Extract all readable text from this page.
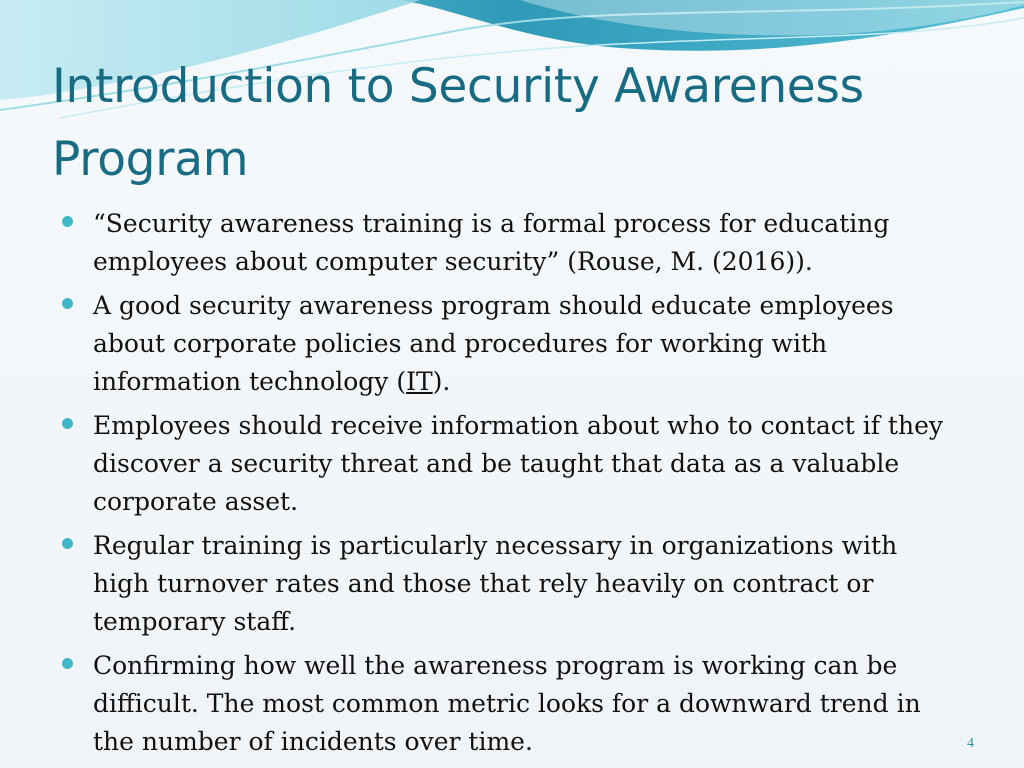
Introduction to Security Awareness Program
“Security awareness training is a formal process for educating employees about computer security” (Rouse, M. (2016)).
A good security awareness program should educate employees about corporate policies and procedures for working with information technology (IT).
Employees should receive information about who to contact if they discover a security threat and be taught that data as a valuable corporate asset.
Regular training is particularly necessary in organizations with high turnover rates and those that rely heavily on contract or temporary staff.
Confirming how well the awareness program is working can be difficult. The most common metric looks for a downward trend in the number of incidents over time.	4
